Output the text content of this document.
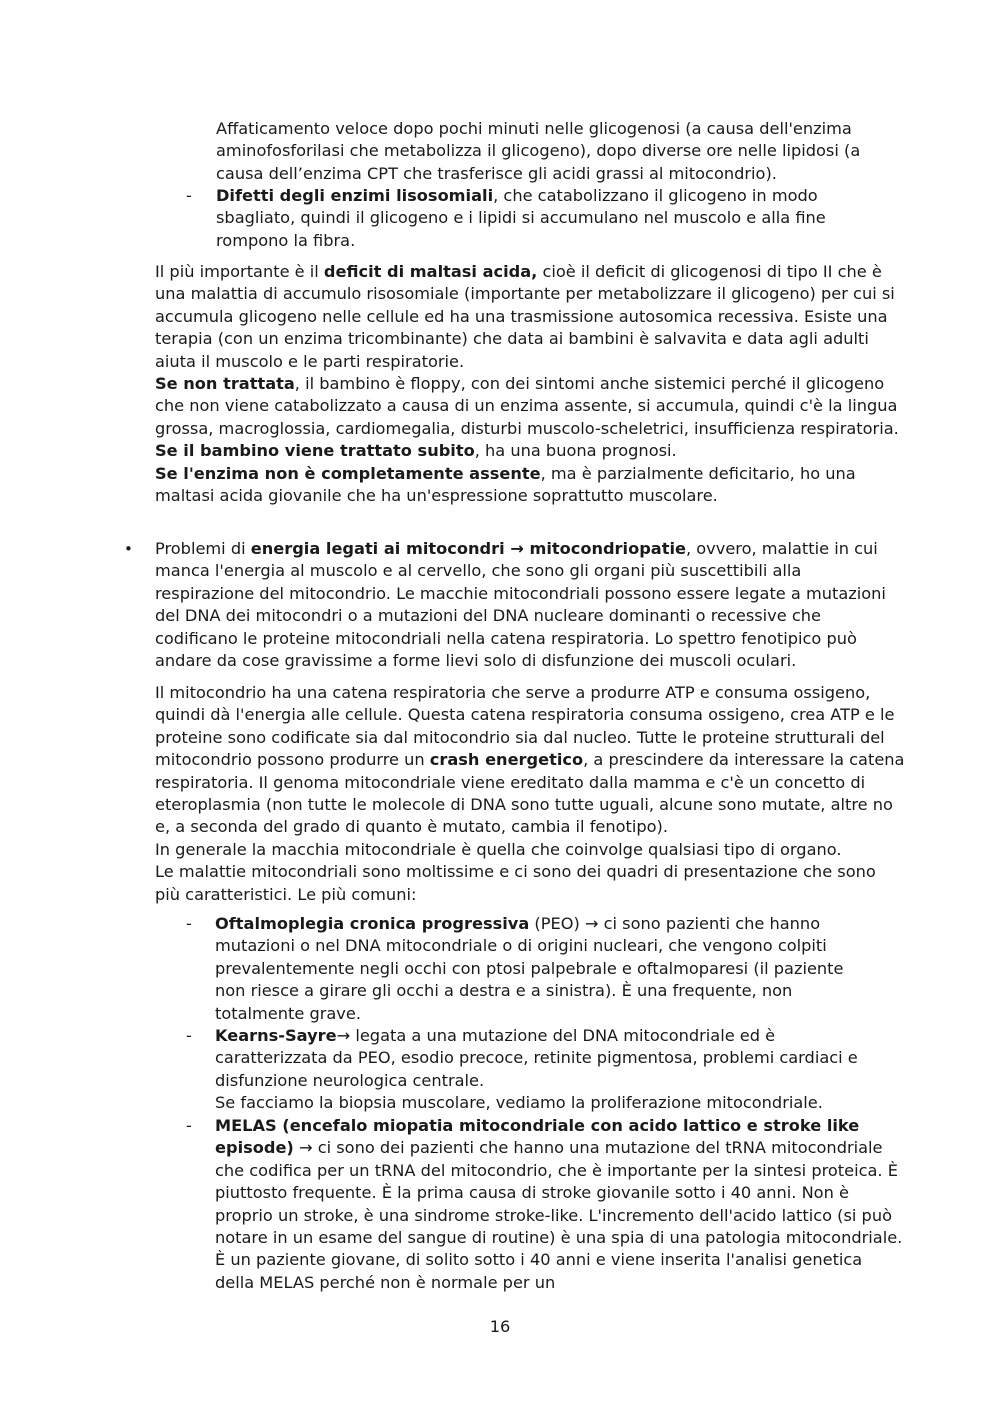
Affaticamento veloce dopo pochi minuti nelle glicogenosi (a causa dell'enzima aminofosforilasi che metabolizza il glicogeno), dopo diverse ore nelle lipidosi (a causa dell’enzima CPT che trasferisce gli acidi grassi al mitocondrio).

-	Difetti degli enzimi lisosomiali, che catabolizzano il glicogeno in modo sbagliato, quindi il glicogeno e i lipidi si accumulano nel muscolo e alla fine rompono la fibra.

Il più importante è il deficit di maltasi acida, cioè il deficit di glicogenosi di tipo II che è una malattia di accumulo risosomiale (importante per metabolizzare il glicogeno) per cui si accumula glicogeno nelle cellule ed ha una trasmissione autosomica recessiva. Esiste una terapia (con un enzima tricombinante) che data ai bambini è salvavita e data agli adulti aiuta il muscolo e le parti respiratorie.

Se non trattata, il bambino è floppy, con dei sintomi anche sistemici perché il glicogeno che non viene catabolizzato a causa di un enzima assente, si accumula, quindi c'è la lingua grossa, macroglossia, cardiomegalia, disturbi muscolo-scheletrici, insufficienza respiratoria.

Se il bambino viene trattato subito, ha una buona prognosi.

Se l'enzima non è completamente assente, ma è parzialmente deficitario, ho una maltasi acida giovanile che ha un'espressione soprattutto muscolare.

• Problemi di energia legati ai mitocondri → mitocondriopatie, ovvero, malattie in cui manca l'energia al muscolo e al cervello, che sono gli organi più suscettibili alla respirazione del mitocondrio. Le macchie mitocondriali possono essere legate a mutazioni del DNA dei mitocondri o a mutazioni del DNA nucleare dominanti o recessive che codificano le proteine mitocondriali nella catena respiratoria. Lo spettro fenotipico può andare da cose gravissime a forme lievi solo di disfunzione dei muscoli oculari.

Il mitocondrio ha una catena respiratoria che serve a produrre ATP e consuma ossigeno, quindi dà l'energia alle cellule. Questa catena respiratoria consuma ossigeno, crea ATP e le proteine sono codificate sia dal mitocondrio sia dal nucleo. Tutte le proteine strutturali del mitocondrio possono produrre un crash energetico, a prescindere da interessare la catena respiratoria. Il genoma mitocondriale viene ereditato dalla mamma e c'è un concetto di eteroplasmia (non tutte le molecole di DNA sono tutte uguali, alcune sono mutate, altre no e, a seconda del grado di quanto è mutato, cambia il fenotipo).

In generale la macchia mitocondriale è quella che coinvolge qualsiasi tipo di organo.

Le malattie mitocondriali sono moltissime e ci sono dei quadri di presentazione che sono più caratteristici. Le più comuni:

-	Oftalmoplegia cronica progressiva (PEO) → ci sono pazienti che hanno mutazioni o nel DNA mitocondriale o di origini nucleari, che vengono colpiti prevalentemente negli occhi con ptosi palpebrale e oftalmoparesi (il paziente non riesce a girare gli occhi a destra e a sinistra). È una frequente, non totalmente grave.

-	Kearns-Sayre→ legata a una mutazione del DNA mitocondriale ed è caratterizzata da PEO, esodio precoce, retinite pigmentosa, problemi cardiaci e disfunzione neurologica centrale.

Se facciamo la biopsia muscolare, vediamo la proliferazione mitocondriale.

-	MELAS (encefalo miopatia mitocondriale con acido lattico e stroke like episode) → ci sono dei pazienti che hanno una mutazione del tRNA mitocondriale che codifica per un tRNA del mitocondrio, che è importante per la sintesi proteica. È piuttosto frequente. È la prima causa di stroke giovanile sotto i 40 anni. Non è proprio un stroke, è una sindrome stroke-like. L'incremento dell'acido lattico (si può notare in un esame del sangue di routine) è una spia di una patologia mitocondriale. È un paziente giovane, di solito sotto i 40 anni e viene inserita l'analisi genetica della MELAS perché non è normale per un

16
